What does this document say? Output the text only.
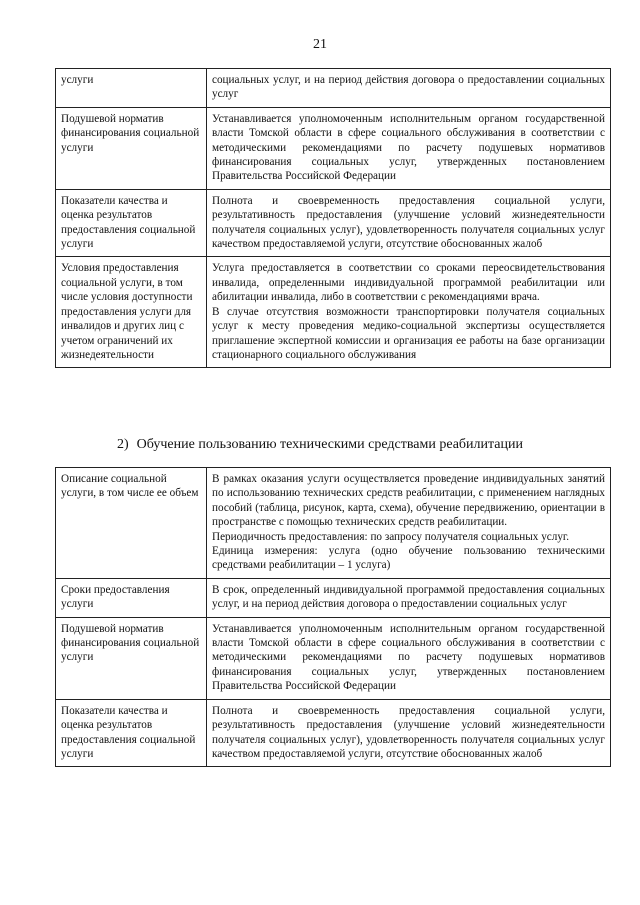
21
услуги	социальных услуг, и на период действия договора о предоставлении социальных услуг

Подушевой норматив финансирования социальной услуги	Устанавливается уполномоченным исполнительным органом государственной власти Томской области в сфере социального обслуживания в соответствии с методическими рекомендациями по расчету подушевых нормативов финансирования социальных услуг, утвержденных постановлением Правительства Российской Федерации

Показатели качества и оценка результатов предоставления социальной услуги	Полнота и своевременность предоставления социальной услуги, результативность предоставления (улучшение условий жизнедеятельности получателя социальных услуг), удовлетворенность получателя социальных услуг качеством предоставляемой услуги, отсутствие обоснованных жалоб

Условия предоставления социальной услуги, в том числе условия доступности предоставления услуги для инвалидов и других лиц с учетом ограничений их жизнедеятельности	Услуга предоставляется в соответствии со сроками переосвидетельствования инвалида, определенными индивидуальной программой реабилитации или абилитации инвалида, либо в соответствии с рекомендациями врача.

В случае отсутствия возможности транспортировки получателя социальных услуг к месту проведения медико-социальной экспертизы осуществляется приглашение экспертной комиссии и организация ее работы на базе организации стационарного социального обслуживания

2) Обучение пользованию техническими средствами реабилитации
Описание социальной услуги, в том числе ее объем	В рамках оказания услуги осуществляется проведение индивидуальных занятий по использованию технических средств реабилитации, с применением наглядных пособий (таблица, рисунок, карта, схема), обучение передвижению, ориентации в пространстве с помощью технических средств реабилитации.

Периодичность предоставления: по запросу получателя социальных услуг.

Единица измерения: услуга (одно обучение пользованию техническими средствами реабилитации – 1 услуга)

Сроки предоставления услуги	В срок, определенный индивидуальной программой предоставления социальных услуг, и на период действия договора о предоставлении социальных услуг

Подушевой норматив финансирования социальной услуги	Устанавливается уполномоченным исполнительным органом государственной власти Томской области в сфере социального обслуживания в соответствии с методическими рекомендациями по расчету подушевых нормативов финансирования социальных услуг, утвержденных постановлением Правительства Российской Федерации

Показатели качества и оценка результатов предоставления социальной услуги	Полнота и своевременность предоставления социальной услуги, результативность предоставления (улучшение условий жизнедеятельности получателя социальных услуг), удовлетворенность получателя социальных услуг качеством предоставляемой услуги, отсутствие обоснованных жалоб
